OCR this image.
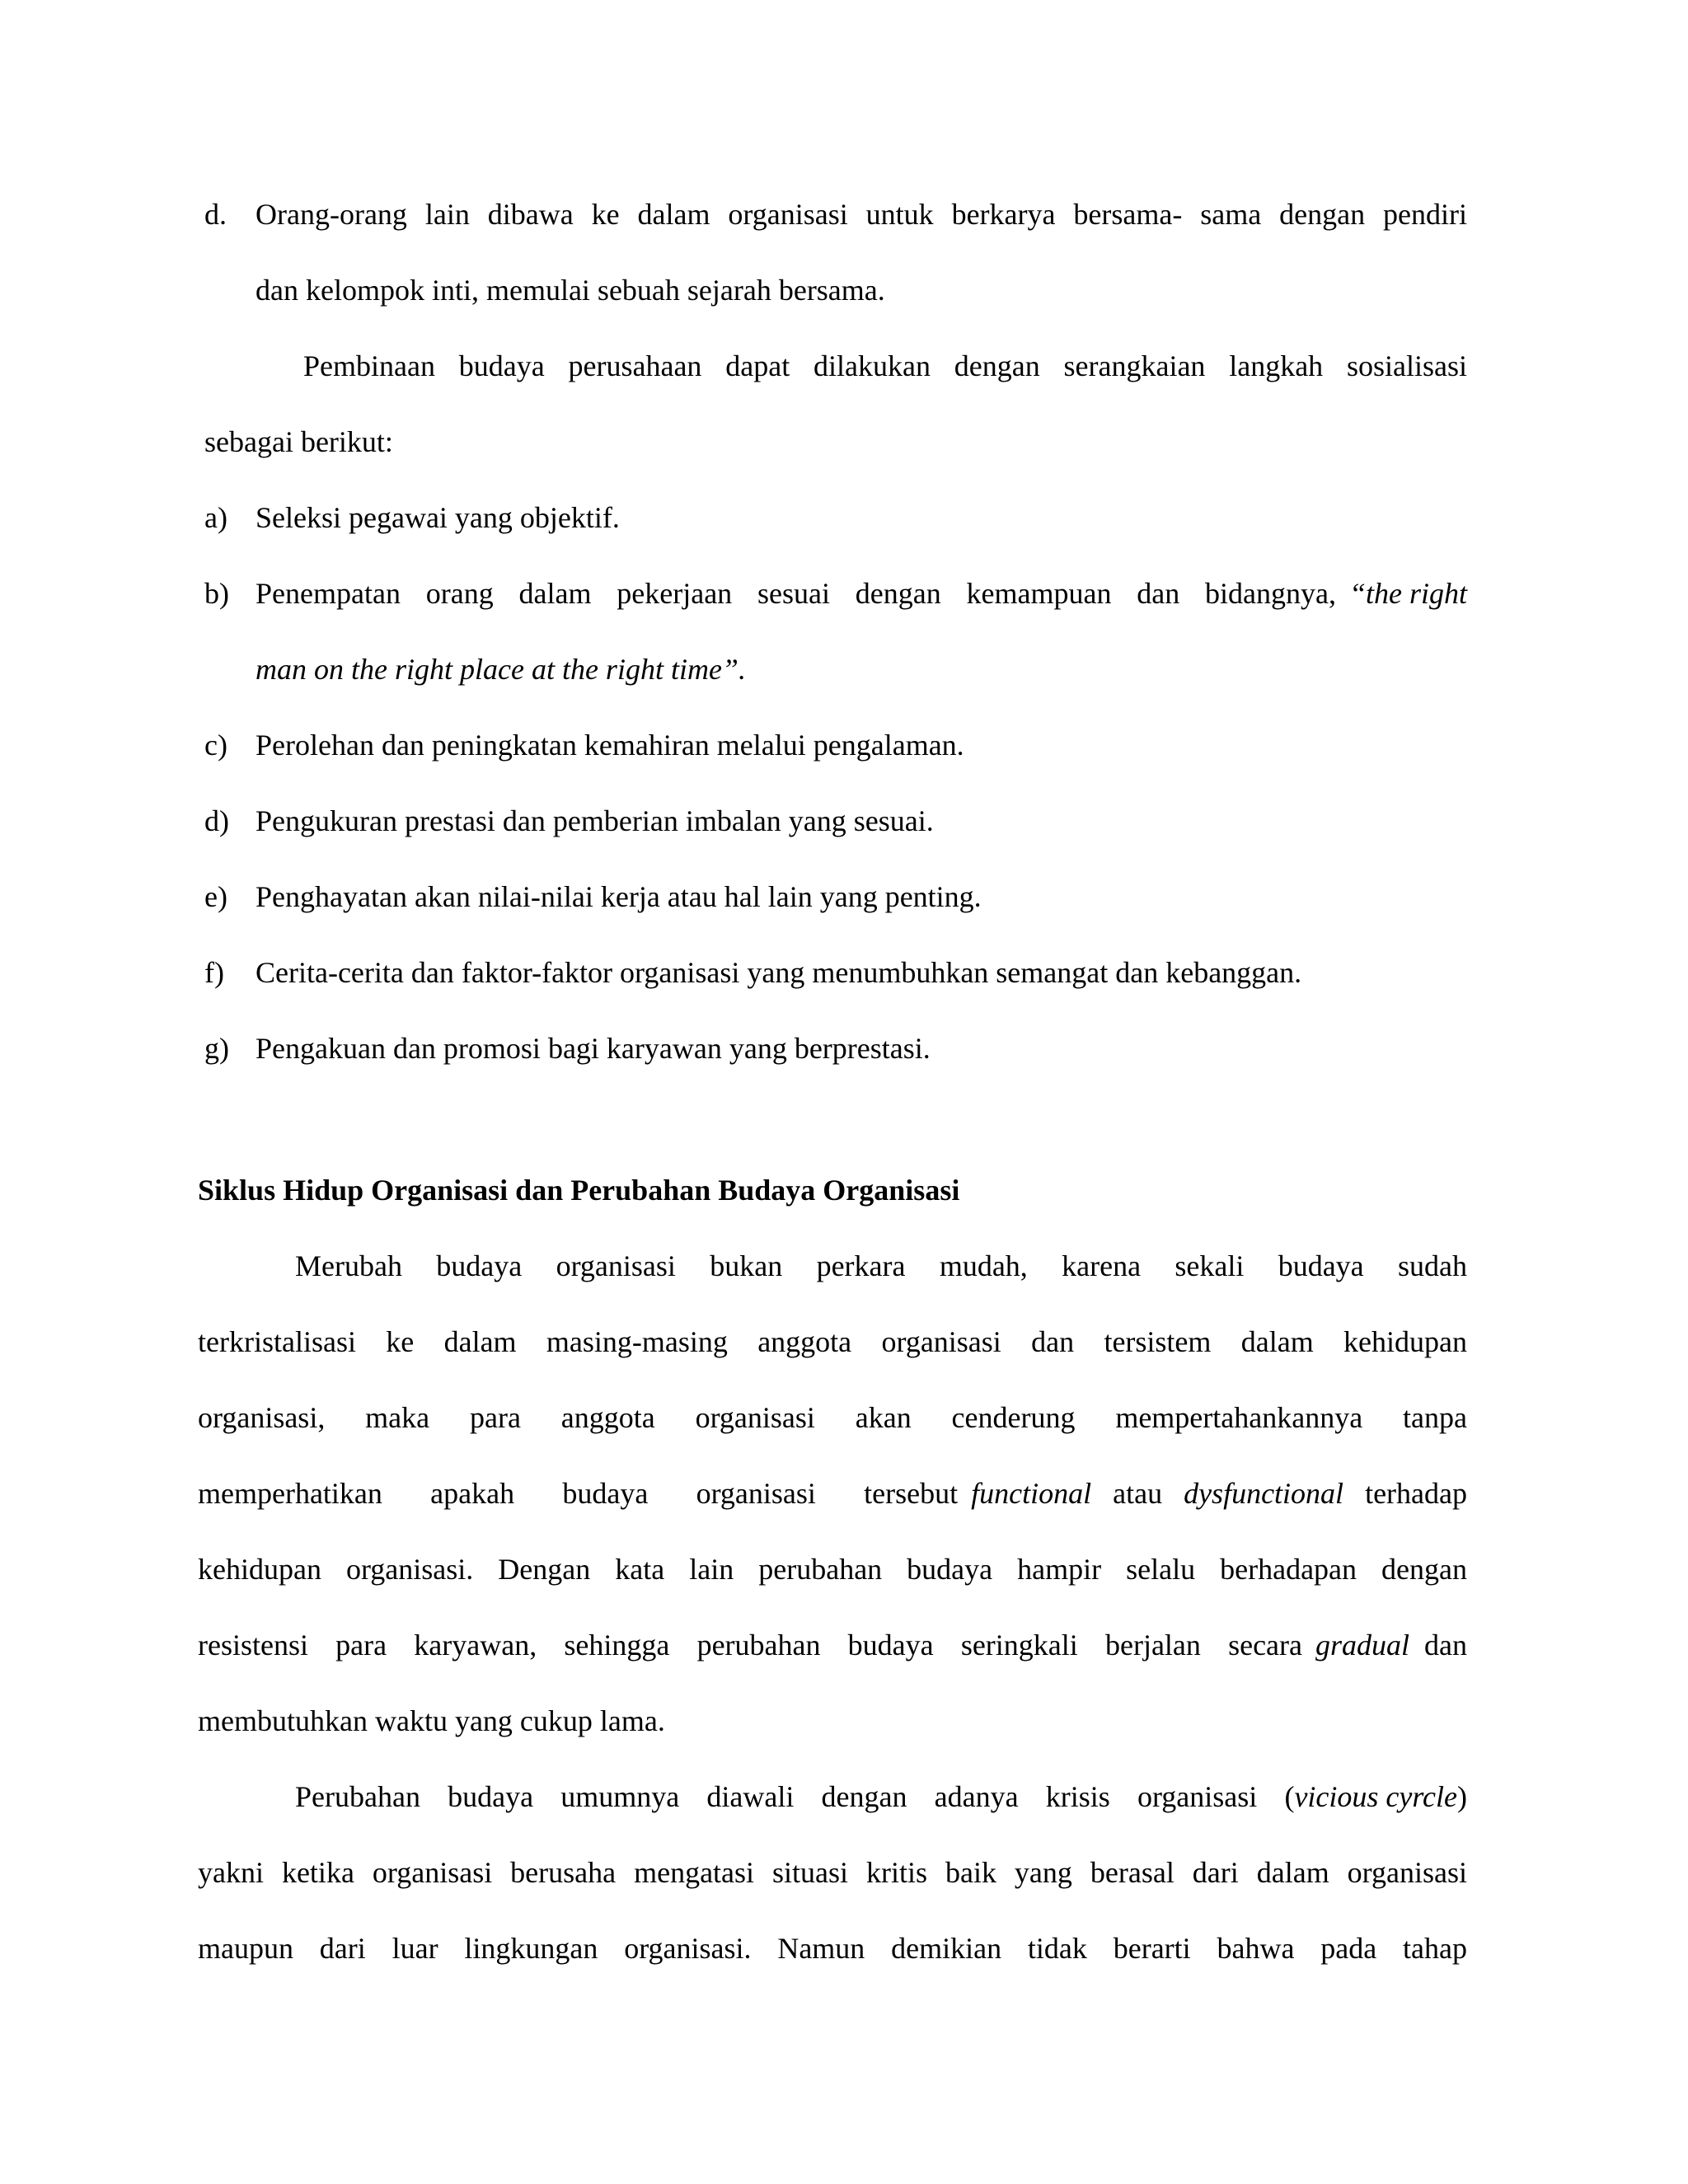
d. Orang-orang lain dibawa ke dalam organisasi untuk berkarya bersama- sama dengan pendiri
dan kelompok inti, memulai sebuah sejarah bersama.
Pembinaan budaya perusahaan dapat dilakukan dengan serangkaian langkah sosialisasi
sebagai berikut:
a) Seleksi pegawai yang objektif.
b) Penempatan orang dalam pekerjaan sesuai dengan kemampuan dan bidangnya, “the right
man on the right place at the right time”.
c) Perolehan dan peningkatan kemahiran melalui pengalaman.
d) Pengukuran prestasi dan pemberian imbalan yang sesuai.
e) Penghayatan akan nilai-nilai kerja atau hal lain yang penting.
f)	Cerita-cerita dan faktor-faktor organisasi yang menumbuhkan semangat dan kebanggan.
g) Pengakuan dan promosi bagi karyawan yang berprestasi.
Siklus Hidup Organisasi dan Perubahan Budaya Organisasi
Merubah budaya organisasi bukan perkara mudah, karena sekali budaya sudah
terkristalisasi ke dalam masing-masing anggota organisasi dan tersistem dalam kehidupan
organisasi, maka para anggota organisasi akan cenderung mempertahankannya tanpa
memperhatikan apakah budaya organisasi tersebut functional atau dysfunctional terhadap
kehidupan organisasi. Dengan kata lain perubahan budaya hampir selalu berhadapan dengan
resistensi para karyawan, sehingga perubahan budaya seringkali berjalan secara gradual dan
membutuhkan waktu yang cukup lama.
Perubahan budaya umumnya diawali dengan adanya krisis organisasi ( vicious cyrcle )
yakni ketika organisasi berusaha mengatasi situasi kritis baik yang berasal dari dalam organisasi
maupun dari luar lingkungan organisasi. Namun demikian tidak berarti bahwa pada tahap
